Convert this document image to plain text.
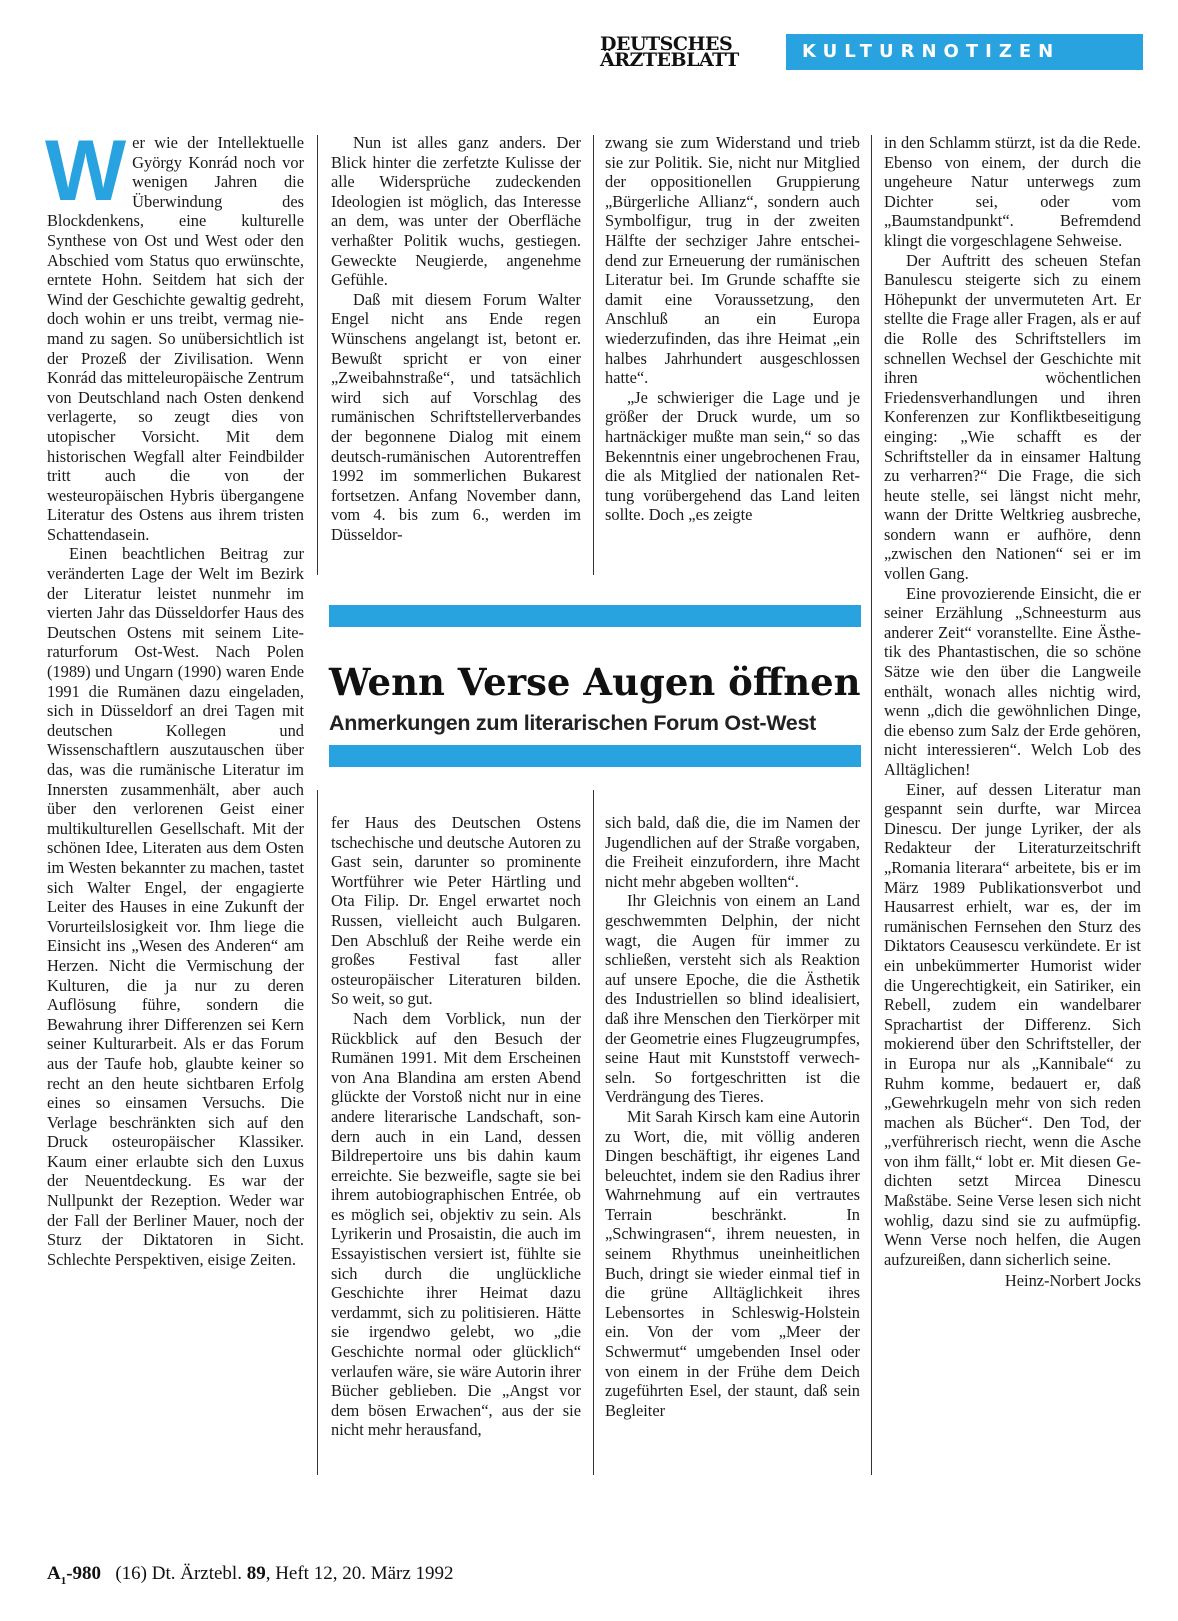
DEUTSCHES
ÄRZTEBLATT	KULTURNOTIZEN

Wer wie der Intellektuelle György Konrád noch vor wenigen Jahren die Überwindung des Blockdenkens, eine kulturelle Synthese von Ost und West oder den Abschied vom Status quo erwünschte, erntete Hohn. Seitdem hat sich der Wind der Geschichte gewaltig gedreht, doch wohin er uns treibt, vermag niemand zu sagen. So unübersichtlich ist der Prozeß der Zivilisation. Wenn Konrád das mitteleuropäische Zentrum von Deutschland nach Osten denkend verlagerte, so zeugt dies von utopischer Vorsicht. Mit dem historischen Wegfall alter Feindbilder tritt auch die von der westeuropäischen Hybris übergangene Literatur des Ostens aus ihrem tristen Schattendasein.

Einen beachtlichen Beitrag zur veränderten Lage der Welt im Bezirk der Literatur leistet nunmehr im vierten Jahr das Düsseldorfer Haus des Deutschen Ostens mit seinem Literaturforum Ost-West. Nach Polen (1989) und Ungarn (1990) waren Ende 1991 die Rumänen dazu eingeladen, sich in Düsseldorf an drei Tagen mit deutschen Kollegen und Wissenschaftlern auszutauschen über das, was die rumänische Literatur im Innersten zusammenhält, aber auch über den verlorenen Geist einer multikulturellen Gesellschaft. Mit der schönen Idee, Literaten aus dem Osten im Westen bekannter zu machen, tastet sich Walter Engel, der engagierte Leiter des Hauses in eine Zukunft der Vorurteilslosigkeit vor. Ihm liege die Einsicht ins „Wesen des Anderen“ am Herzen. Nicht die Vermischung der Kulturen, die ja nur zu deren Auflösung führe, sondern die Bewahrung ihrer Differenzen sei Kern seiner Kulturarbeit. Als er das Forum aus der Taufe hob, glaubte keiner so recht an den heute sichtbaren Erfolg eines so einsamen Versuchs. Die Verlage beschränkten sich auf den Druck osteuropäischer Klassiker. Kaum einer erlaubte sich den Luxus der Neuentdeckung. Es war der Nullpunkt der Rezeption. Weder war der Fall der Berliner Mauer, noch der Sturz der Diktatoren in Sicht. Schlechte Perspektiven, eisige Zeiten.

Nun ist alles ganz anders. Der Blick hinter die zerfetzte Kulisse der alle Widersprüche zudeckenden Ideologien ist möglich, das Interesse an dem, was unter der Oberfläche verhaßter Politik wuchs, gestiegen. Geweckte Neugierde, angenehme Gefühle.

Daß mit diesem Forum Walter Engel nicht ans Ende regen Wünschens angelangt ist, betont er. Bewußt spricht er von einer „Zweibahnstraße“, und tatsächlich wird sich auf Vorschlag des rumänischen Schriftstellerverbandes der begonnene Dialog mit einem deutsch-rumänischen Autorentreffen 1992 im sommerlichen Bukarest fortsetzen. Anfang November dann, vom 4. bis zum 6., werden im Düsseldor-

zwang sie zum Widerstand und trieb sie zur Politik. Sie, nicht nur Mitglied der oppositionellen Gruppierung „Bürgerliche Allianz“, sondern auch Symbolfigur, trug in der zweiten Hälfte der sechziger Jahre entscheidend zur Erneuerung der rumänischen Literatur bei. Im Grunde schaffte sie damit eine Voraussetzung, den Anschluß an ein Europa wiederzufinden, das ihre Heimat „ein halbes Jahrhundert ausgeschlossen hatte“.

„Je schwieriger die Lage und je größer der Druck wurde, um so hartnäckiger mußte man sein,“ so das Bekenntnis einer ungebrochenen Frau, die als Mitglied der nationalen Rettung vorübergehend das Land leiten sollte. Doch „es zeigte

Wenn Verse Augen öffnen
Anmerkungen zum literarischen Forum Ost-West

fer Haus des Deutschen Ostens tschechische und deutsche Autoren zu Gast sein, darunter so prominente Wortführer wie Peter Härtling und Ota Filip. Dr. Engel erwartet noch Russen, vielleicht auch Bulgaren. Den Abschluß der Reihe werde ein großes Festival fast aller osteuropäischer Literaturen bilden. So weit, so gut.

Nach dem Vorblick, nun der Rückblick auf den Besuch der Rumänen 1991. Mit dem Erscheinen von Ana Blandina am ersten Abend glückte der Vorstoß nicht nur in eine andere literarische Landschaft, sondern auch in ein Land, dessen Bildrepertoire uns bis dahin kaum erreichte. Sie bezweifle, sagte sie bei ihrem autobiographischen Entrée, ob es möglich sei, objektiv zu sein. Als Lyrikerin und Prosaistin, die auch im Essayistischen versiert ist, fühlte sie sich durch die unglückliche Geschichte ihrer Heimat dazu verdammt, sich zu politisieren. Hätte sie irgendwo gelebt, wo „die Geschichte normal oder glücklich“ verlaufen wäre, sie wäre Autorin ihrer Bücher geblieben. Die „Angst vor dem bösen Erwachen“, aus der sie nicht mehr herausfand,

sich bald, daß die, die im Namen der Jugendlichen auf der Straße vorgaben, die Freiheit einzufordern, ihre Macht nicht mehr abgeben wollten“.

Ihr Gleichnis von einem an Land geschwemmten Delphin, der nicht wagt, die Augen für immer zu schließen, versteht sich als Reaktion auf unsere Epoche, die die Ästhetik des Industriellen so blind idealisiert, daß ihre Menschen den Tierkörper mit der Geometrie eines Flugzeugrumpfes, seine Haut mit Kunststoff verwechseln. So fortgeschritten ist die Verdrängung des Tieres.

Mit Sarah Kirsch kam eine Autorin zu Wort, die, mit völlig anderen Dingen beschäftigt, ihr eigenes Land beleuchtet, indem sie den Radius ihrer Wahrnehmung auf ein vertrautes Terrain beschränkt. In „Schwingrasen“, ihrem neuesten, in seinem Rhythmus uneinheitlichen Buch, dringt sie wieder einmal tief in die grüne Alltäglichkeit ihres Lebensortes in Schleswig-Holstein ein. Von der vom „Meer der Schwermut“ umgebenden Insel oder von einem in der Frühe dem Deich zugeführten Esel, der staunt, daß sein Begleiter

in den Schlamm stürzt, ist da die Rede. Ebenso von einem, der durch die ungeheure Natur unterwegs zum Dichter sei, oder vom „Baumstandpunkt“. Befremdend klingt die vorgeschlagene Sehweise.

Der Auftritt des scheuen Stefan Banulescu steigerte sich zu einem Höhepunkt der unvermuteten Art. Er stellte die Frage aller Fragen, als er auf die Rolle des Schriftstellers im schnellen Wechsel der Geschichte mit ihren wöchentlichen Friedensverhandlungen und ihren Konferenzen zur Konfliktbeseitigung einging: „Wie schafft es der Schriftsteller da in einsamer Haltung zu verharren?“ Die Frage, die sich heute stelle, sei längst nicht mehr, wann der Dritte Weltkrieg ausbreche, sondern wann er aufhöre, denn „zwischen den Nationen“ sei er im vollen Gang.

Eine provozierende Einsicht, die er seiner Erzählung „Schneesturm aus anderer Zeit“ voranstellte. Eine Ästhetik des Phantastischen, die so schöne Sätze wie den über die Langweile enthält, wonach alles nichtig wird, wenn „dich die gewöhnlichen Dinge, die ebenso zum Salz der Erde gehören, nicht interessieren“. Welch Lob des Alltäglichen!

Einer, auf dessen Literatur man gespannt sein durfte, war Mircea Dinescu. Der junge Lyriker, der als Redakteur der Literaturzeitschrift „Romania literara“ arbeitete, bis er im März 1989 Publikationsverbot und Hausarrest erhielt, war es, der im rumänischen Fernsehen den Sturz des Diktators Ceausescu verkündete. Er ist ein unbekümmerter Humorist wider die Ungerechtigkeit, ein Satiriker, ein Rebell, zudem ein wandelbarer Sprachartist der Differenz. Sich mokierend über den Schriftsteller, der in Europa nur als „Kannibale“ zu Ruhm komme, bedauert er, daß „Gewehrkugeln mehr von sich reden machen als Bücher“. Den Tod, der „verführerisch riecht, wenn die Asche von ihm fällt,“ lobt er. Mit diesen Gedichten setzt Mircea Dinescu Maßstäbe. Seine Verse lesen sich nicht wohlig, dazu sind sie zu aufmüpfig. Wenn Verse noch helfen, die Augen aufzureißen, dann sicherlich seine.

Heinz-Norbert Jocks
$A_1-980$ (16) Dt. Ärztebl. 89, Heft 12, 20. März 1992
